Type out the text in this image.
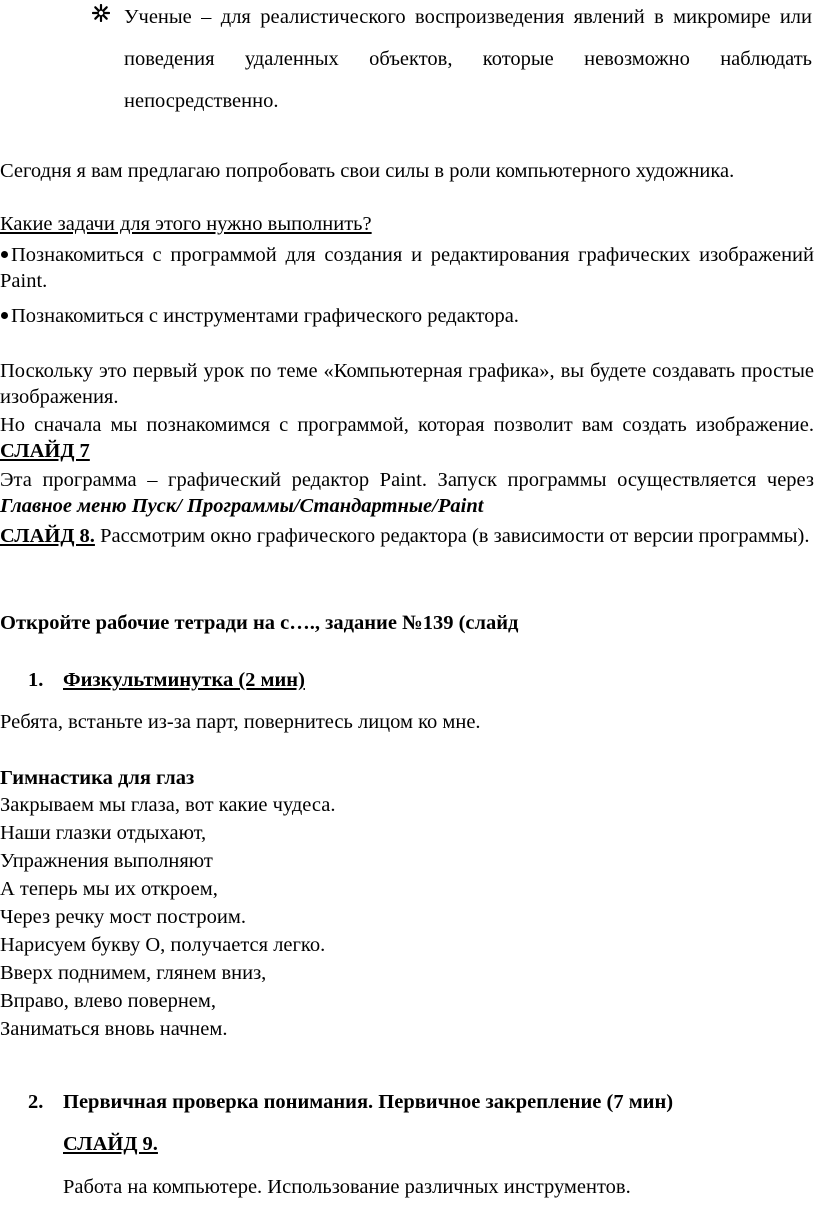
Ученые – для реалистического воспроизведения явлений в микромире или поведения удаленных объектов, которые невозможно наблюдать непосредственно.

Сегодня я вам предлагаю попробовать свои силы в роли компьютерного художника.

Какие задачи для этого нужно выполнить?

Познакомиться с программой для создания и редактирования графических изображений Paint.

Познакомиться с инструментами графического редактора.

Поскольку это первый урок по теме «Компьютерная графика», вы будете создавать простые изображения.

Но сначала мы познакомимся с программой, которая позволит вам создать изображение. СЛАЙД 7

Эта программа – графический редактор Paint. Запуск программы осуществляется через Главное меню Пуск/ Программы/Стандартные/Paint

СЛАЙД 8. Рассмотрим окно графического редактора (в зависимости от версии программы).

Откройте рабочие тетради на с…., задание №139 (слайд

1. Физкультминутка (2 мин)

Ребята, встаньте из-за парт, повернитесь лицом ко мне.

Гимнастика для глаз

Закрываем мы глаза, вот какие чудеса.
Наши глазки отдыхают,
Упражнения выполняют
А теперь мы их откроем,
Через речку мост построим.
Нарисуем букву О, получается легко.
Вверх поднимем, глянем вниз,
Вправо, влево повернем,
Заниматься вновь начнем.
2. Первичная проверка понимания. Первичное закрепление (7 мин)
СЛАЙД 9.
Работа на компьютере. Использование различных инструментов.
